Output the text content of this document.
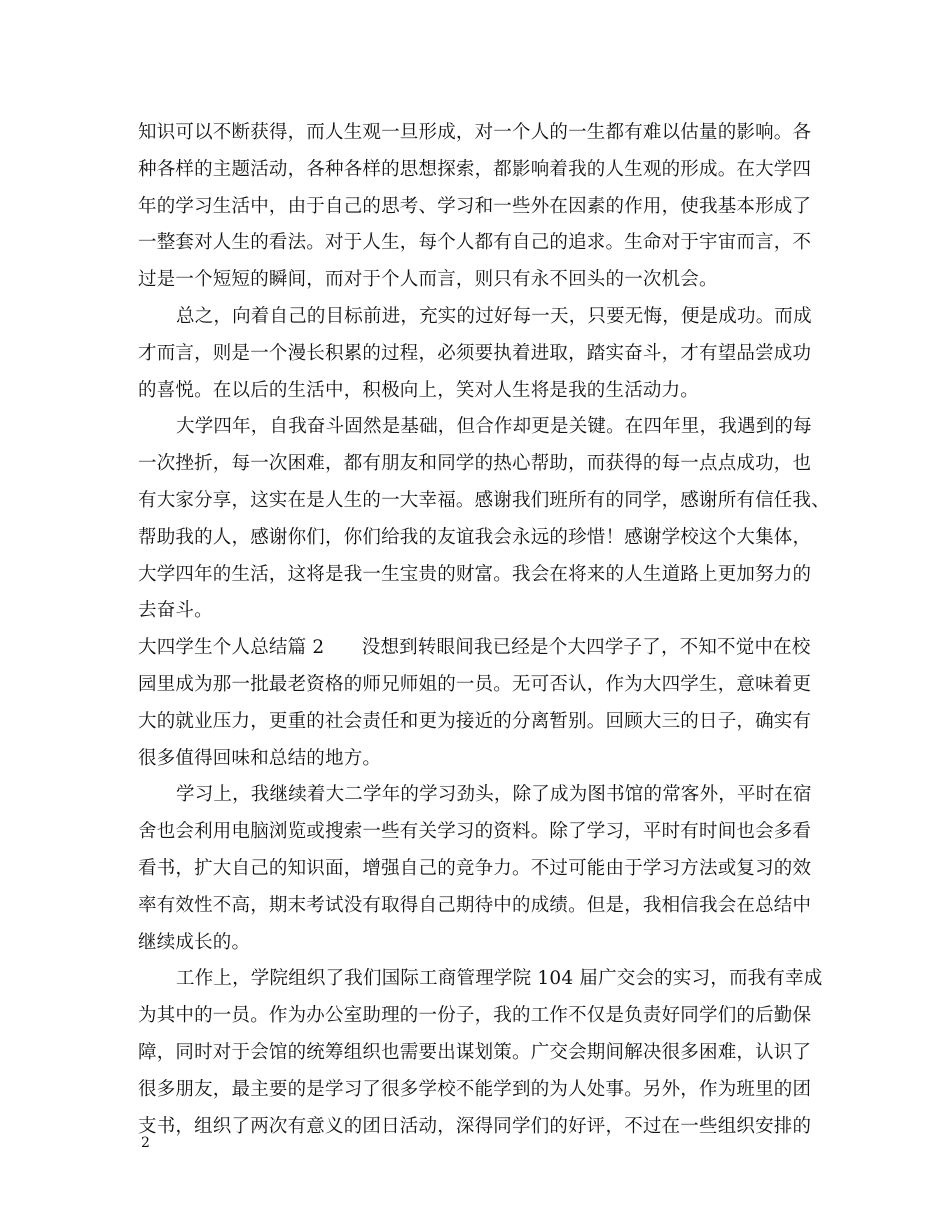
知识可以不断获得，而人生观一旦形成，对一个人的一生都有难以估量的影响。各
种各样的主题活动，各种各样的思想探索，都影响着我的人生观的形成。在大学四
年的学习生活中，由于自己的思考、学习和一些外在因素的作用，使我基本形成了
一整套对人生的看法。对于人生，每个人都有自己的追求。生命对于宇宙而言，不
过是一个短短的瞬间，而对于个人而言，则只有永不回头的一次机会。
总之，向着自己的目标前进，充实的过好每一天，只要无悔，便是成功。而成
才而言，则是一个漫长积累的过程，必须要执着进取，踏实奋斗，才有望品尝成功
的喜悦。在以后的生活中，积极向上，笑对人生将是我的生活动力。
大学四年，自我奋斗固然是基础，但合作却更是关键。在四年里，我遇到的每
一次挫折，每一次困难，都有朋友和同学的热心帮助，而获得的每一点点成功，也
有大家分享，这实在是人生的一大幸福。感谢我们班所有的同学，感谢所有信任我、
帮助我的人，感谢你们，你们给我的友谊我会永远的珍惜！感谢学校这个大集体，
大学四年的生活，这将是我一生宝贵的财富。我会在将来的人生道路上更加努力的
去奋斗。
大四学生个人总结篇 2　　没想到转眼间我已经是个大四学子了，不知不觉中在校
园里成为那一批最老资格的师兄师姐的一员。无可否认，作为大四学生，意味着更
大的就业压力，更重的社会责任和更为接近的分离暂别。回顾大三的日子，确实有
很多值得回味和总结的地方。
学习上，我继续着大二学年的学习劲头，除了成为图书馆的常客外，平时在宿
舍也会利用电脑浏览或搜索一些有关学习的资料。除了学习，平时有时间也会多看
看书，扩大自己的知识面，增强自己的竞争力。不过可能由于学习方法或复习的效
率有效性不高，期末考试没有取得自己期待中的成绩。但是，我相信我会在总结中
继续成长的。
工作上，学院组织了我们国际工商管理学院 104 届广交会的实习，而我有幸成
为其中的一员。作为办公室助理的一份子，我的工作不仅是负责好同学们的后勤保
障，同时对于会馆的统筹组织也需要出谋划策。广交会期间解决很多困难，认识了
很多朋友，最主要的是学习了很多学校不能学到的为人处事。另外，作为班里的团
支书，组织了两次有意义的团日活动，深得同学们的好评，不过在一些组织安排的
2
